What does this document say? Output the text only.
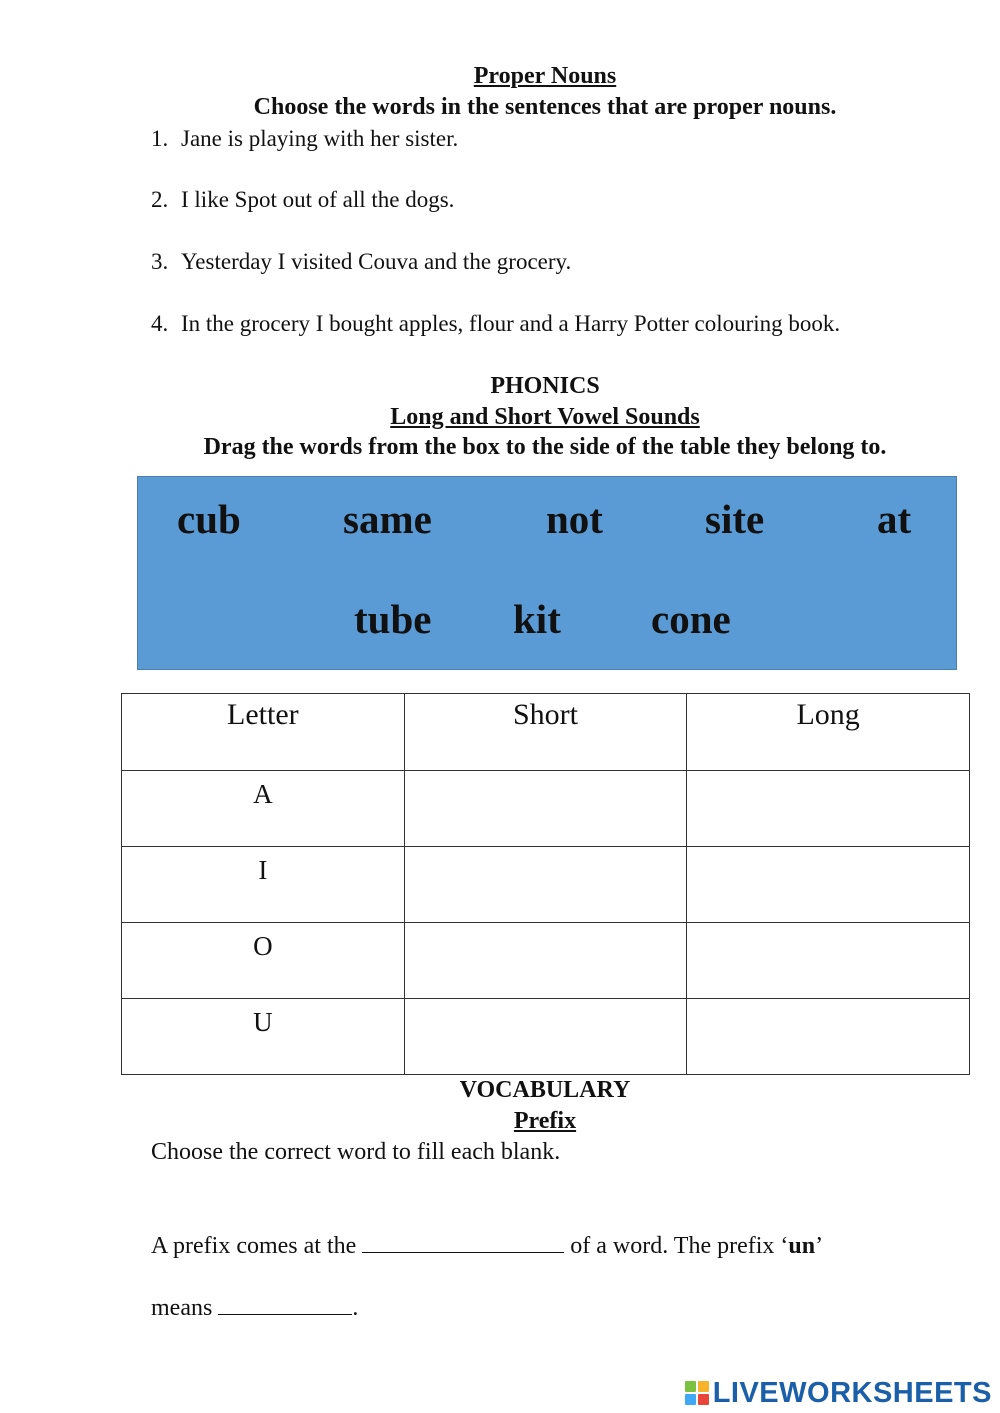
Proper Nouns
Choose the words in the sentences that are proper nouns.
1. Jane is playing with her sister.
2. I like Spot out of all the dogs.
3. Yesterday I visited Couva and the grocery.
4. In the grocery I bought apples, flour and a Harry Potter colouring book.
PHONICS
Long and Short Vowel Sounds
Drag the words from the box to the side of the table they belong to.
cub same	not site	at
tube kit cone
Letter	Short	Long
A		
I		
O		
U		
VOCABULARY
Prefix
Choose the correct word to fill each blank.
A prefix comes at the	of a word. The prefix ‘un’
means	.
LIVEWORKSHEETS
